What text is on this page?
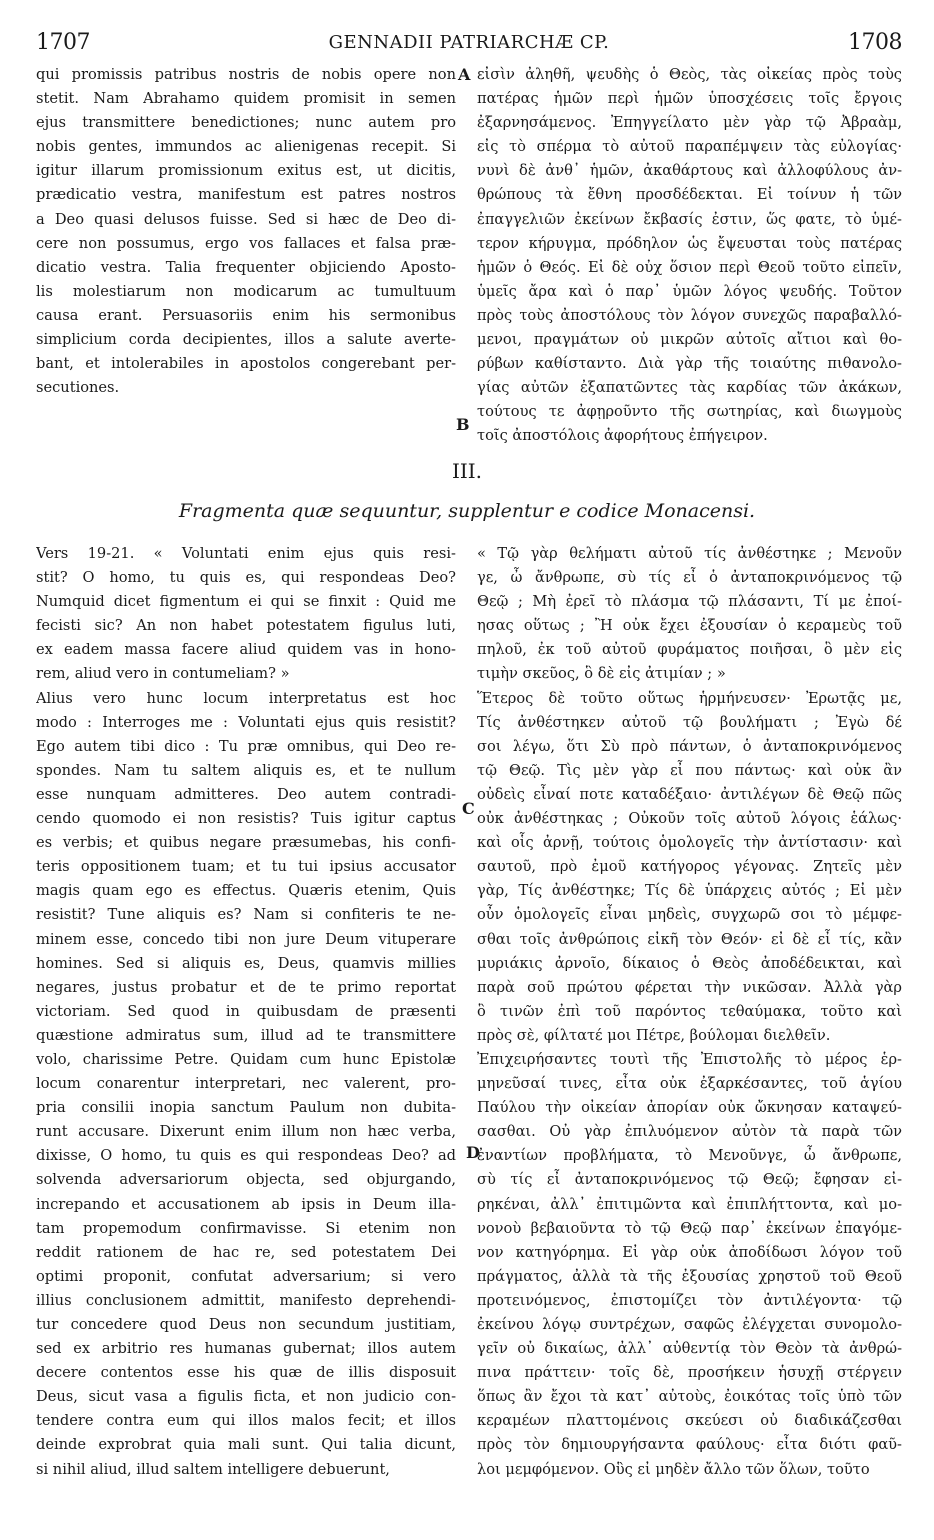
1707	GENNADII PATRIARCHÆ CP.	1708
A
B
C
D
qui promissis patribus nostris de nobis opere non
stetit. Nam Abrahamo quidem promisit in semen
ejus transmittere benedictiones; nunc autem pro
nobis gentes, immundos ac alienigenas recepit. Si
igitur illarum promissionum exitus est, ut dicitis,
prædicatio vestra, manifestum est patres nostros
a Deo quasi delusos fuisse. Sed si hæc de Deo di-
cere non possumus, ergo vos fallaces et falsa præ-
dicatio vestra. Talia frequenter objiciendo Aposto-
lis molestiarum non modicarum ac tumultuum
causa erant. Persuasoriis enim his sermonibus
simplicium corda decipientes, illos a salute averte-
bant, et intolerabiles in apostolos congerebant per-
secutiones.
εἰσὶν ἀληθῆ, ψευδὴς ὁ Θεὸς, τὰς οἰκείας πρὸς τοὺς
πατέρας ἡμῶν περὶ ἡμῶν ὑποσχέσεις τοῖς ἔργοις
ἐξαρνησάμενος. Ἐπηγγείλατο μὲν γὰρ τῷ Ἀβραὰμ,
εἰς τὸ σπέρμα τὸ αὐτοῦ παραπέμψειν τὰς εὐλογίας·
νυνὶ δὲ ἀνθ᾽ ἡμῶν, ἀκαθάρτους καὶ ἀλλοφύλους ἀν-
θρώπους τὰ ἔθνη προσδέδεκται. Εἰ τοίνυν ἡ τῶν
ἐπαγγελιῶν ἐκείνων ἔκβασίς ἐστιν, ὥς φατε, τὸ ὑμέ-
τερον κήρυγμα, πρόδηλον ὡς ἔψευσται τοὺς πατέρας
ἡμῶν ὁ Θεός. Εἰ δὲ οὐχ ὅσιον περὶ Θεοῦ τοῦτο εἰπεῖν,
ὑμεῖς ἄρα καὶ ὁ παρ᾽ ὑμῶν λόγος ψευδής. Τοῦτον
πρὸς τοὺς ἀποστόλους τὸν λόγον συνεχῶς παραβαλλό-
μενοι, πραγμάτων οὐ μικρῶν αὐτοῖς αἴτιοι καὶ θο-
ρύβων καθίσταντο. Διὰ γὰρ τῆς τοιαύτης πιθανολο-
γίας αὐτῶν ἐξαπατῶντες τὰς καρδίας τῶν ἀκάκων,
τούτους τε ἀφῃροῦντο τῆς σωτηρίας, καὶ διωγμοὺς
τοῖς ἀποστόλοις ἀφορήτους ἐπήγειρον.
III.
Fragmenta quæ sequuntur, supplentur e codice Monacensi.
Vers 19-21. « Voluntati enim ejus quis resi-
stit? O homo, tu quis es, qui respondeas Deo?
Numquid dicet figmentum ei qui se finxit : Quid me
fecisti sic? An non habet potestatem figulus luti,
ex eadem massa facere aliud quidem vas in hono-
rem, aliud vero in contumeliam? »
Alius vero hunc locum interpretatus est hoc
modo : Interroges me : Voluntati ejus quis resistit?
Ego autem tibi dico : Tu præ omnibus, qui Deo re-
spondes. Nam tu saltem aliquis es, et te nullum
esse nunquam admitteres. Deo autem contradi-
cendo quomodo ei non resistis? Tuis igitur captus
es verbis; et quibus negare præsumebas, his confi-
teris oppositionem tuam; et tu tui ipsius accusator
magis quam ego es effectus. Quæris etenim, Quis
resistit? Tune aliquis es? Nam si confiteris te ne-
minem esse, concedo tibi non jure Deum vituperare
homines. Sed si aliquis es, Deus, quamvis millies
negares, justus probatur et de te primo reportat
victoriam. Sed quod in quibusdam de præsenti
quæstione admiratus sum, illud ad te transmittere
volo, charissime Petre. Quidam cum hunc Epistolæ
locum conarentur interpretari, nec valerent, pro-
pria consilii inopia sanctum Paulum non dubita-
runt accusare. Dixerunt enim illum non hæc verba,
dixisse, O homo, tu quis es qui respondeas Deo? ad
solvenda adversariorum objecta, sed objurgando,
increpando et accusationem ab ipsis in Deum illa-
tam propemodum confirmavisse. Si etenim non
reddit rationem de hac re, sed potestatem Dei
optimi proponit, confutat adversarium; si vero
illius conclusionem admittit, manifesto deprehendi-
tur concedere quod Deus non secundum justitiam,
sed ex arbitrio res humanas gubernat; illos autem
decere contentos esse his quæ de illis disposuit
Deus, sicut vasa a figulis ficta, et non judicio con-
tendere contra eum qui illos malos fecit; et illos
deinde exprobrat quia mali sunt. Qui talia dicunt,
si nihil aliud, illud saltem intelligere debuerunt,
« Τῷ γὰρ θελήματι αὐτοῦ τίς ἀνθέστηκε ; Μενοῦν
γε, ὦ ἄνθρωπε, σὺ τίς εἶ ὁ ἀνταποκρινόμενος τῷ
Θεῷ ; Μὴ ἐρεῖ τὸ πλάσμα τῷ πλάσαντι, Τί με ἐποί-
ησας οὕτως ; Ἢ οὐκ ἔχει ἐξουσίαν ὁ κεραμεὺς τοῦ
πηλοῦ, ἐκ τοῦ αὐτοῦ φυράματος ποιῆσαι, ὃ μὲν εἰς
τιμὴν σκεῦος, ὃ δὲ εἰς ἀτιμίαν ; »
Ἕτερος δὲ τοῦτο οὕτως ἡρμήνευσεν· Ἐρωτᾷς με,
Τίς ἀνθέστηκεν αὐτοῦ τῷ βουλήματι ; Ἐγὼ δέ
σοι λέγω, ὅτι Σὺ πρὸ πάντων, ὁ ἀνταποκρινόμενος
τῷ Θεῷ. Τὶς μὲν γὰρ εἶ που πάντως· καὶ οὐκ ἂν
οὐδεὶς εἶναί ποτε καταδέξαιο· ἀντιλέγων δὲ Θεῷ πῶς
οὐκ ἀνθέστηκας ; Οὐκοῦν τοῖς αὐτοῦ λόγοις ἑάλως·
καὶ οἷς ἀρνῇ, τούτοις ὁμολογεῖς τὴν ἀντίστασιν· καὶ
σαυτοῦ, πρὸ ἐμοῦ κατήγορος γέγονας. Ζητεῖς μὲν
γὰρ, Τίς ἀνθέστηκε; Τίς δὲ ὑπάρχεις αὐτός ; Εἰ μὲν
οὖν ὁμολογεῖς εἶναι μηδεὶς, συγχωρῶ σοι τὸ μέμφε-
σθαι τοῖς ἀνθρώποις εἰκῆ τὸν Θεόν· εἰ δὲ εἶ τίς, κἂν
μυριάκις ἀρνοῖο, δίκαιος ὁ Θεὸς ἀποδέδεικται, καὶ
παρὰ σοῦ πρώτου φέρεται τὴν νικῶσαν. Ἀλλὰ γὰρ
ὃ τινῶν ἐπὶ τοῦ παρόντος τεθαύμακα, τοῦτο καὶ
πρὸς σὲ, φίλτατέ μοι Πέτρε, βούλομαι διελθεῖν.
Ἐπιχειρήσαντες τουτὶ τῆς Ἐπιστολῆς τὸ μέρος ἑρ-
μηνεῦσαί τινες, εἶτα οὐκ ἐξαρκέσαντες, τοῦ ἁγίου
Παύλου τὴν οἰκείαν ἀπορίαν οὐκ ὤκνησαν καταψεύ-
σασθαι. Οὐ γὰρ ἐπιλυόμενον αὐτὸν τὰ παρὰ τῶν
ἐναντίων προβλήματα, τὸ Μενοῦνγε, ὦ ἄνθρωπε,
σὺ τίς εἶ ἀνταποκρινόμενος τῷ Θεῷ; ἔφησαν εἰ-
ρηκέναι, ἀλλ᾽ ἐπιτιμῶντα καὶ ἐπιπλήττοντα, καὶ μο-
νονοὺ βεβαιοῦντα τὸ τῷ Θεῷ παρ᾽ ἐκείνων ἐπαγόμε-
νον κατηγόρημα. Εἰ γὰρ οὐκ ἀποδίδωσι λόγον τοῦ
πράγματος, ἀλλὰ τὰ τῆς ἐξουσίας χρηστοῦ τοῦ Θεοῦ
προτεινόμενος, ἐπιστομίζει τὸν ἀντιλέγοντα· τῷ
ἐκείνου λόγῳ συντρέχων, σαφῶς ἐλέγχεται συνομολο-
γεῖν οὐ δικαίως, ἀλλ᾽ αὐθεντίᾳ τὸν Θεὸν τὰ ἀνθρώ-
πινα πράττειν· τοῖς δὲ, προσήκειν ἡσυχῇ στέργειν
ὅπως ἂν ἔχοι τὰ κατ᾽ αὐτοὺς, ἐοικότας τοῖς ὑπὸ τῶν
κεραμέων πλαττομένοις σκεύεσι οὐ διαδικάζεσθαι
πρὸς τὸν δημιουργήσαντα φαύλους· εἶτα διότι φαῦ-
λοι μεμφόμενον. Οὓς εἰ μηδὲν ἄλλο τῶν ὅλων, τοῦτο
